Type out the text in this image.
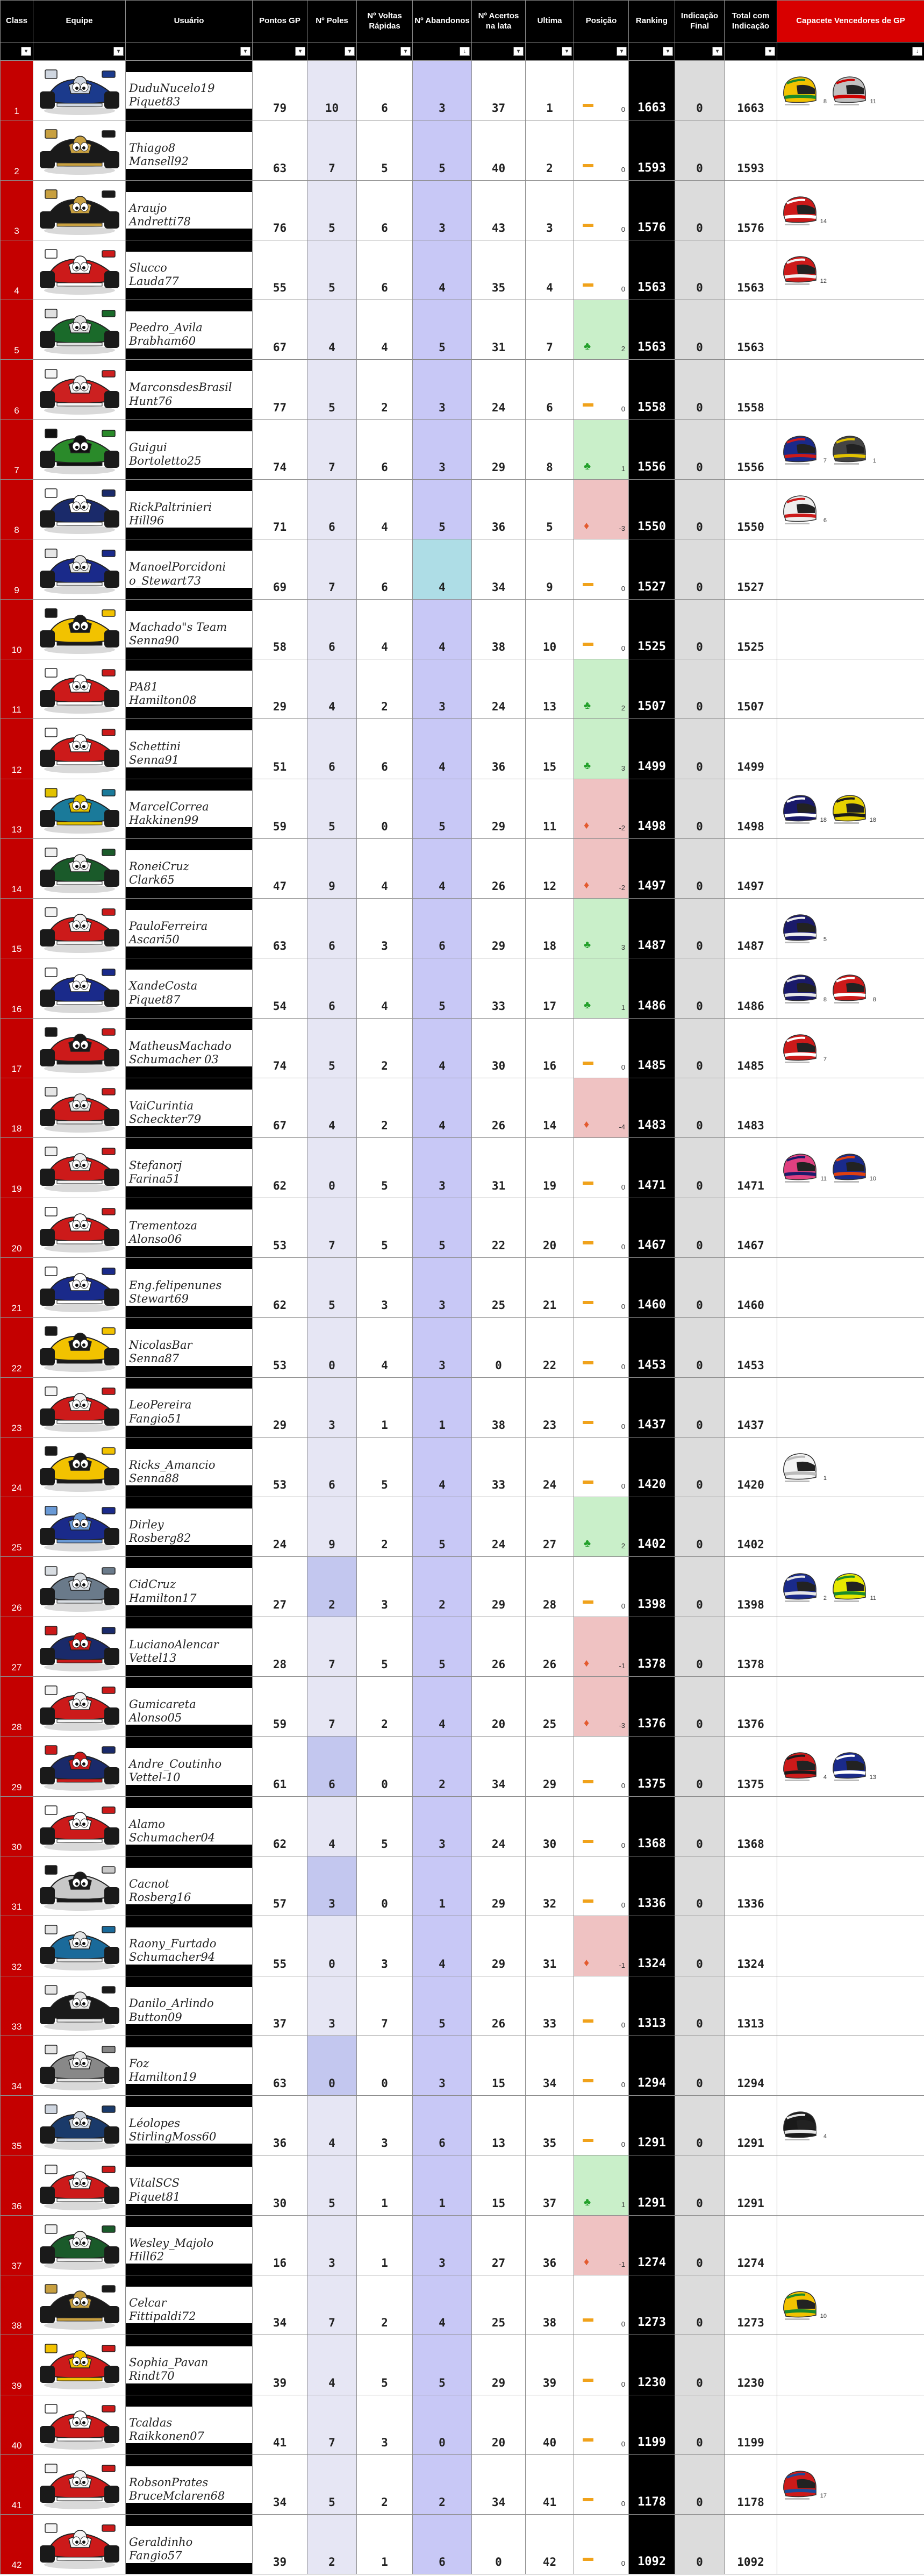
Class	Equipe	Usuário	Pontos GP	Nº Poles	Nº Voltas Rápidas	Nº Abandonos	Nº Acertos na lata	Ultima	Posição	Ranking	Indicação Final	Total com Indicação	Capacete Vencedores de GP

▾	▾	▾	▾	▾	▾	↓	▾	▾	▾	▾	▾	▾	↓

1		DuduNucelo19
Piquet83	79	10	6	3	37	1	▬ 0	1663	0	1663	8 11

2		Thiago8
Mansell92	63	7	5	5	40	2	▬ 0	1593	0	1593	
3		Araujo
Andretti78	76	5	6	3	43	3	▬ 0	1576	0	1576	14

4		Slucco
Lauda77	55	5	6	4	35	4	▬ 0	1563	0	1563	12

5		Peedro_Avila
Brabham60	67	4	4	5	31	7	♣ 2	1563	0	1563	
6		MarconsdesBrasil
Hunt76	77	5	2	3	24	6	▬ 0	1558	0	1558	
7		Guigui
Bortoletto25	74	7	6	3	29	8	♣ 1	1556	0	1556	7 1

8		RickPaltrinieri
Hill96	71	6	4	5	36	5	♦ -3	1550	0	1550	6

9		ManoelPorcidoni
o_Stewart73	69	7	6	4	34	9	▬ 0	1527	0	1527	
10		Machado"s Team
Senna90	58	6	4	4	38	10	▬ 0	1525	0	1525	
11		PA81
Hamilton08	29	4	2	3	24	13	♣ 2	1507	0	1507	
12		Schettini
Senna91	51	6	6	4	36	15	♣ 3	1499	0	1499	
13		MarcelCorrea
Hakkinen99	59	5	0	5	29	11	♦ -2	1498	0	1498	18 18

14		RoneiCruz
Clark65	47	9	4	4	26	12	♦ -2	1497	0	1497	
15		PauloFerreira
Ascari50	63	6	3	6	29	18	♣ 3	1487	0	1487	5

16		XandeCosta
Piquet87	54	6	4	5	33	17	♣ 1	1486	0	1486	8 8

17		MatheusMachado
Schumacher 03	74	5	2	4	30	16	▬ 0	1485	0	1485	7

18		VaiCurintia
Scheckter79	67	4	2	4	26	14	♦ -4	1483	0	1483	
19		Stefanorj
Farina51	62	0	5	3	31	19	▬ 0	1471	0	1471	11 10

20		Trementoza
Alonso06	53	7	5	5	22	20	▬ 0	1467	0	1467	
21		Eng.felipenunes
Stewart69	62	5	3	3	25	21	▬ 0	1460	0	1460	
22		NicolasBar
Senna87	53	0	4	3	0	22	▬ 0	1453	0	1453	
23		LeoPereira
Fangio51	29	3	1	1	38	23	▬ 0	1437	0	1437	
24		Ricks_Amancio
Senna88	53	6	5	4	33	24	▬ 0	1420	0	1420	1

25		Dirley
Rosberg82	24	9	2	5	24	27	♣ 2	1402	0	1402	
26		CidCruz
Hamilton17	27	2	3	2	29	28	▬ 0	1398	0	1398	2 11

27		LucianoAlencar
Vettel13	28	7	5	5	26	26	♦ -1	1378	0	1378	
28		Gumicareta
Alonso05	59	7	2	4	20	25	♦ -3	1376	0	1376	
29		Andre_Coutinho
Vettel-10	61	6	0	2	34	29	▬ 0	1375	0	1375	4 13

30		Alamo
Schumacher04	62	4	5	3	24	30	▬ 0	1368	0	1368	
31		Cacnot
Rosberg16	57	3	0	1	29	32	▬ 0	1336	0	1336	
32		Raony_Furtado
Schumacher94	55	0	3	4	29	31	♦ -1	1324	0	1324	
33		Danilo_Arlindo
Button09	37	3	7	5	26	33	▬ 0	1313	0	1313	
34		Foz
Hamilton19	63	0	0	3	15	34	▬ 0	1294	0	1294	
35		Léolopes
StirlingMoss60	36	4	3	6	13	35	▬ 0	1291	0	1291	4

36		VitalSCS
Piquet81	30	5	1	1	15	37	♣ 1	1291	0	1291	
37		Wesley_Majolo
Hill62	16	3	1	3	27	36	♦ -1	1274	0	1274	
38		Celcar
Fittipaldi72	34	7	2	4	25	38	▬ 0	1273	0	1273	10

39		Sophia_Pavan
Rindt70	39	4	5	5	29	39	▬ 0	1230	0	1230	
40		Tcaldas
Raikkonen07	41	7	3	0	20	40	▬ 0	1199	0	1199	
41		RobsonPrates
BruceMclaren68	34	5	2	2	34	41	▬ 0	1178	0	1178	17

42		Geraldinho
Fangio57	39	2	1	6	0	42	▬ 0	1092	0	1092	
